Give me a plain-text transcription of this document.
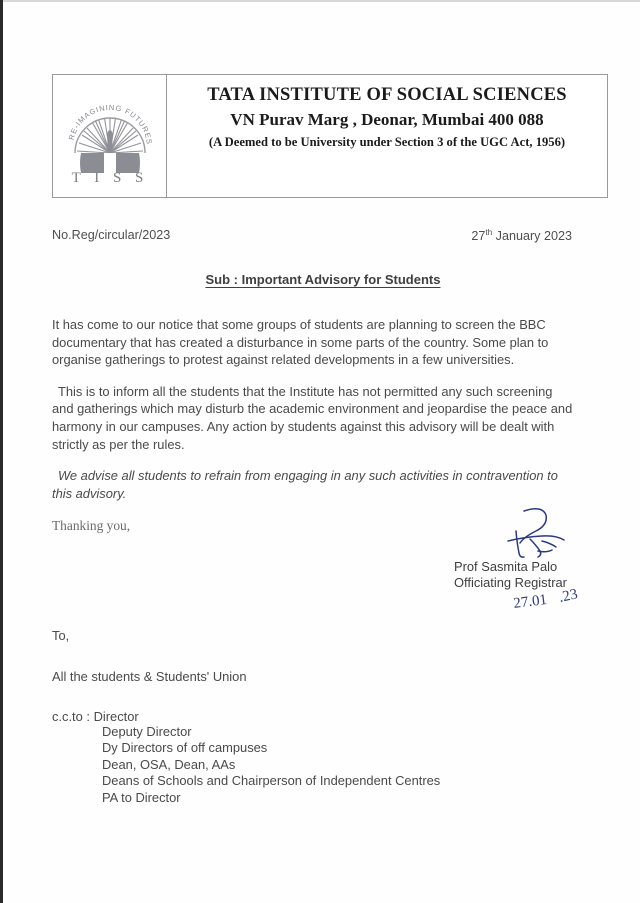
RE-IMAGINING FUTURES
T I S S
TATA INSTITUTE OF SOCIAL SCIENCES
VN Purav Marg , Deonar, Mumbai 400 088
(A Deemed to be University under Section 3 of the UGC Act, 1956)
No.Reg/circular/2023	27th January 2023
Sub : Important Advisory for Students

It has come to our notice that some groups of students are planning to screen the BBC documentary that has created a disturbance in some parts of the country. Some plan to organise gatherings to protest against related developments in a few universities.

This is to inform all the students that the Institute has not permitted any such screening and gatherings which may disturb the academic environment and jeopardise the peace and harmony in our campuses. Any action by students against this advisory will be dealt with strictly as per the rules.

We advise all students to refrain from engaging in any such activities in contravention to this advisory.

Thanking you,

Prof Sasmita Palo
Officiating Registrar
27.01 .23

To,

All the students & Students' Union

c.c.to : Director

Deputy Director
Dy Directors of off campuses
Dean, OSA, Dean, AAs
Deans of Schools and Chairperson of Independent Centres
PA to Director
